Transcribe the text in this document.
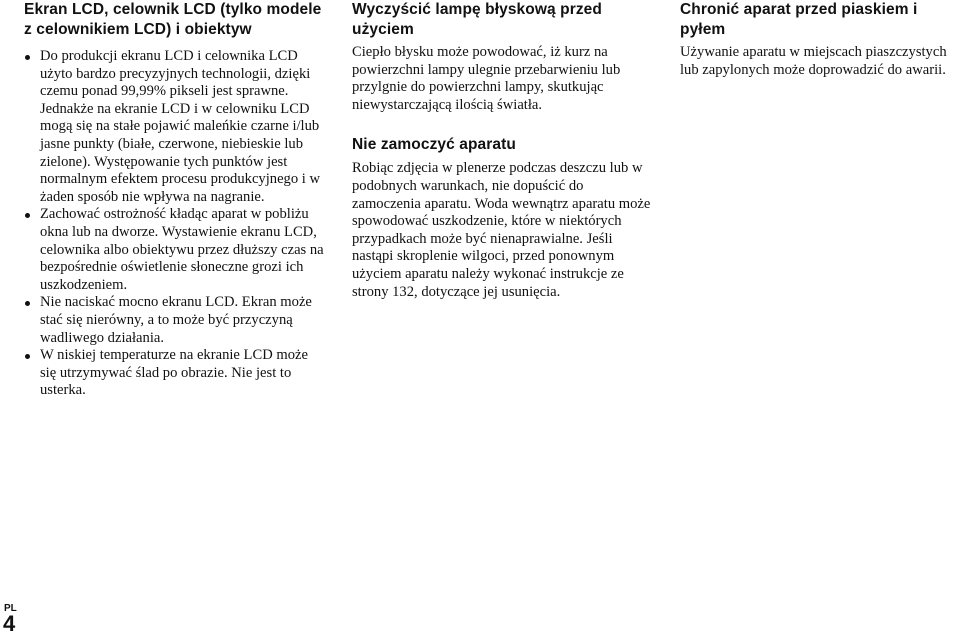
Ekran LCD, celownik LCD (tylko modele z celownikiem LCD) i obiektyw
Do produkcji ekranu LCD i celownika LCD użyto bardzo precyzyjnych technologii, dzięki czemu ponad 99,99% pikseli jest sprawne. Jednakże na ekranie LCD i w celowniku LCD mogą się na stałe pojawić maleńkie czarne i/lub jasne punkty (białe, czerwone, niebieskie lub zielone). Występowanie tych punktów jest normalnym efektem procesu produkcyjnego i w żaden sposób nie wpływa na nagranie.
Zachować ostrożność kładąc aparat w pobliżu okna lub na dworze. Wystawienie ekranu LCD, celownika albo obiektywu przez dłuższy czas na bezpośrednie oświetlenie słoneczne grozi ich uszkodzeniem.
Nie naciskać mocno ekranu LCD. Ekran może stać się nierówny, a to może być przyczyną wadliwego działania.
W niskiej temperaturze na ekranie LCD może się utrzymywać ślad po obrazie. Nie jest to usterka.
Wyczyścić lampę błyskową przed użyciem

Ciepło błysku może powodować, iż kurz na powierzchni lampy ulegnie przebarwieniu lub przylgnie do powierzchni lampy, skutkując niewystarczającą ilością światła.

Nie zamoczyć aparatu

Robiąc zdjęcia w plenerze podczas deszczu lub w podobnych warunkach, nie dopuścić do zamoczenia aparatu. Woda wewnątrz aparatu może spowodować uszkodzenie, które w niektórych przypadkach może być nienaprawialne. Jeśli nastąpi skroplenie wilgoci, przed ponownym użyciem aparatu należy wykonać instrukcje ze strony 132, dotyczące jej usunięcia.

Chronić aparat przed piaskiem i pyłem

Używanie aparatu w miejscach piaszczystych lub zapylonych może doprowadzić do awarii.

PL
4
